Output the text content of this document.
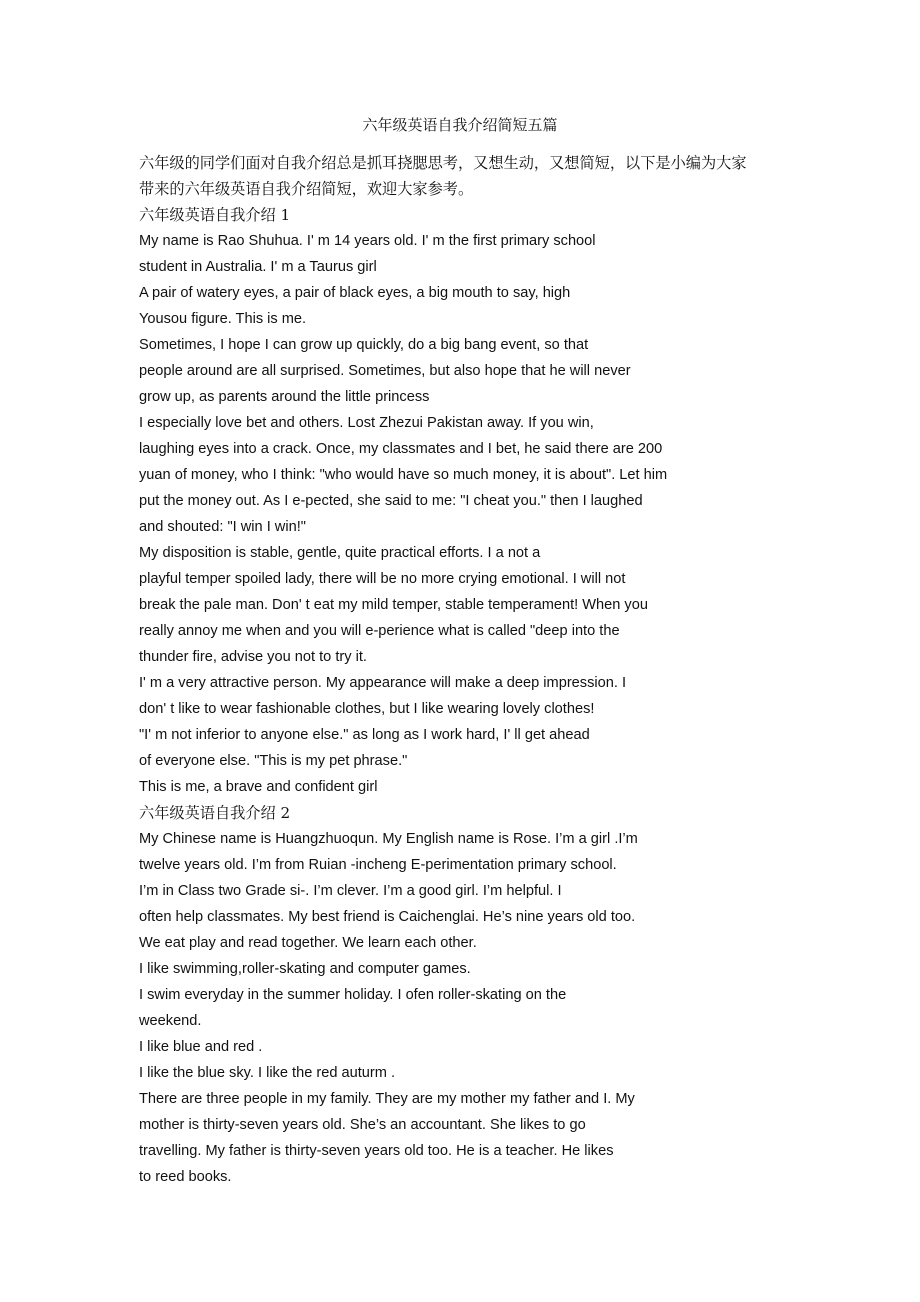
六年级英语自我介绍简短五篇
六年级的同学们面对自我介绍总是抓耳挠腮思考，又想生动，又想简短，以下是小编为大家
带来的六年级英语自我介绍简短，欢迎大家参考。
六年级英语自我介绍 1
My name is Rao Shuhua. I' m 14 years old. I' m the first primary school
student in Australia. I' m a Taurus girl
A pair of watery eyes, a pair of black eyes, a big mouth to say, high
Yousou figure. This is me.
Sometimes, I hope I can grow up quickly, do a big bang event, so that
people around are all surprised. Sometimes, but also hope that he will never
grow up, as parents around the little princess
I especially love bet and others. Lost Zhezui Pakistan away. If you win,
laughing eyes into a crack. Once, my classmates and I bet, he said there are 200
yuan of money, who I think: "who would have so much money, it is about". Let him
put the money out. As I e-pected, she said to me: "I cheat you." then I laughed
and shouted: "I win I win!"
My disposition is stable, gentle, quite practical efforts. I a not a
playful temper spoiled lady, there will be no more crying emotional. I will not
break the pale man. Don' t eat my mild temper, stable temperament! When you
really annoy me when and you will e-perience what is called "deep into the
thunder fire, advise you not to try it.
I' m a very attractive person. My appearance will make a deep impression. I
don' t like to wear fashionable clothes, but I like wearing lovely clothes!
"I' m not inferior to anyone else." as long as I work hard, I' ll get ahead
of everyone else. "This is my pet phrase."
This is me, a brave and confident girl
六年级英语自我介绍 2
My Chinese name is Huangzhuoqun. My English name is Rose. I’m a girl .I’m
twelve years old. I’m from Ruian -incheng E-perimentation primary school.
I’m in Class two Grade si-. I’m clever. I’m a good girl. I’m helpful. I
often help classmates. My best friend is Caichenglai. He’s nine years old too.
We eat play and read together. We learn each other.
I like swimming,roller-skating and computer games.
I swim everyday in the summer holiday. I ofen roller-skating on the
weekend.
I like blue and red .
I like the blue sky. I like the red auturm .
There are three people in my family. They are my mother my father and I. My
mother is thirty-seven years old. She’s an accountant. She likes to go
travelling. My father is thirty-seven years old too. He is a teacher. He likes
to reed books.
